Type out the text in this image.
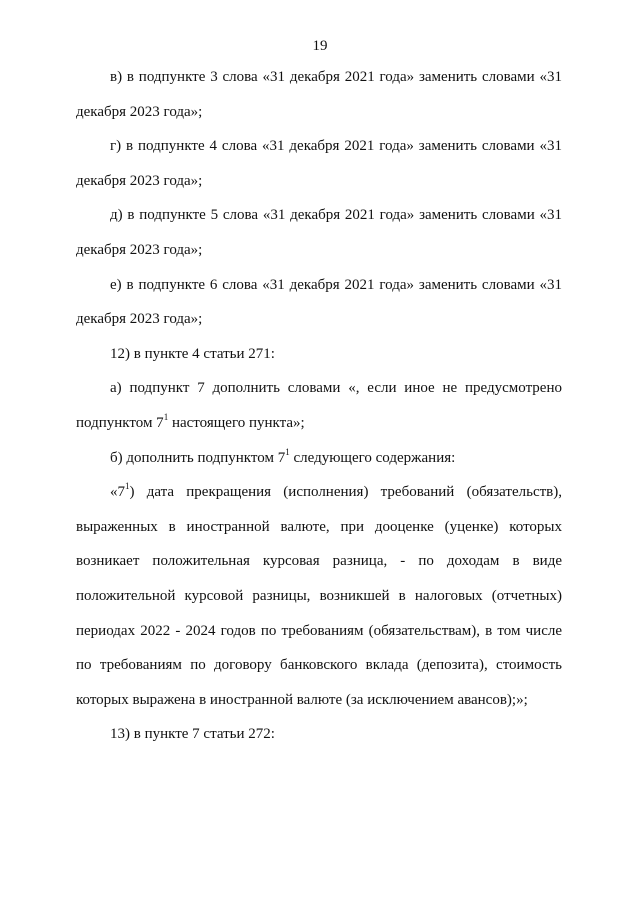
19

в) в подпункте 3 слова «31 декабря 2021 года» заменить словами «31 декабря 2023 года»;

г) в подпункте 4 слова «31 декабря 2021 года» заменить словами «31 декабря 2023 года»;

д) в подпункте 5 слова «31 декабря 2021 года» заменить словами «31 декабря 2023 года»;

е) в подпункте 6 слова «31 декабря 2021 года» заменить словами «31 декабря 2023 года»;

12) в пункте 4 статьи 271:

а) подпункт 7 дополнить словами «, если иное не предусмотрено подпунктом $7^1$ настоящего пункта»;

б) дополнить подпунктом $7^1$ следующего содержания:

«$7^1$) дата прекращения (исполнения) требований (обязательств), выраженных в иностранной валюте, при дооценке (уценке) которых возникает положительная курсовая разница, - по доходам в виде положительной курсовой разницы, возникшей в налоговых (отчетных) периодах 2022 - 2024 годов по требованиям (обязательствам), в том числе по требованиям по договору банковского вклада (депозита), стоимость которых выражена в иностранной валюте (за исключением авансов);»;

13) в пункте 7 статьи 272:
